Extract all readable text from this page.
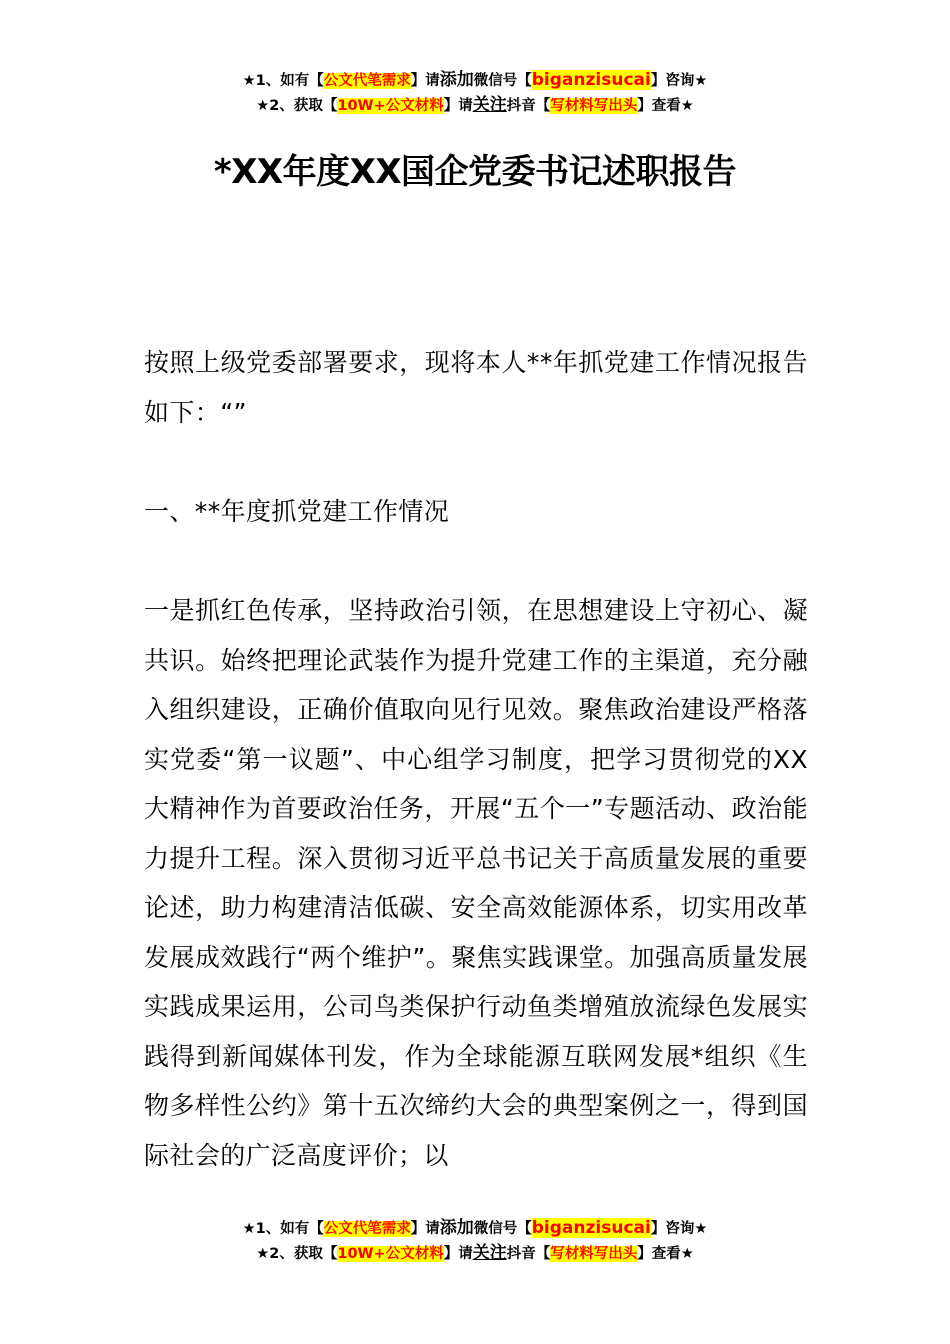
★1、如有【公文代笔需求】请添加微信号【biganzisucai】咨询★
★2、获取【10W+公文材料】请关注抖音【写材料写出头】查看★
*XX年度XX国企党委书记述职报告
按照上级党委部署要求，现将本人**年抓党建工作情况报告如下：“”
一、**年度抓党建工作情况
一是抓红色传承，坚持政治引领，在思想建设上守初心、凝共识。始终把理论武装作为提升党建工作的主渠道，充分融入组织建设，正确价值取向见行见效。聚焦政治建设严格落实党委“第一议题”、中心组学习制度，把学习贯彻党的XX大精神作为首要政治任务，开展“五个一”专题活动、政治能力提升工程。深入贯彻习近平总书记关于高质量发展的重要论述，助力构建清洁低碳、安全高效能源体系，切实用改革发展成效践行“两个维护”。聚焦实践课堂。加强高质量发展实践成果运用，公司鸟类保护行动鱼类增殖放流绿色发展实践得到新闻媒体刊发，作为全球能源互联网发展*组织《生物多样性公约》第十五次缔约大会的典型案例之一，得到国际社会的广泛高度评价；以
★1、如有【公文代笔需求】请添加微信号【biganzisucai】咨询★
★2、获取【10W+公文材料】请关注抖音【写材料写出头】查看★
